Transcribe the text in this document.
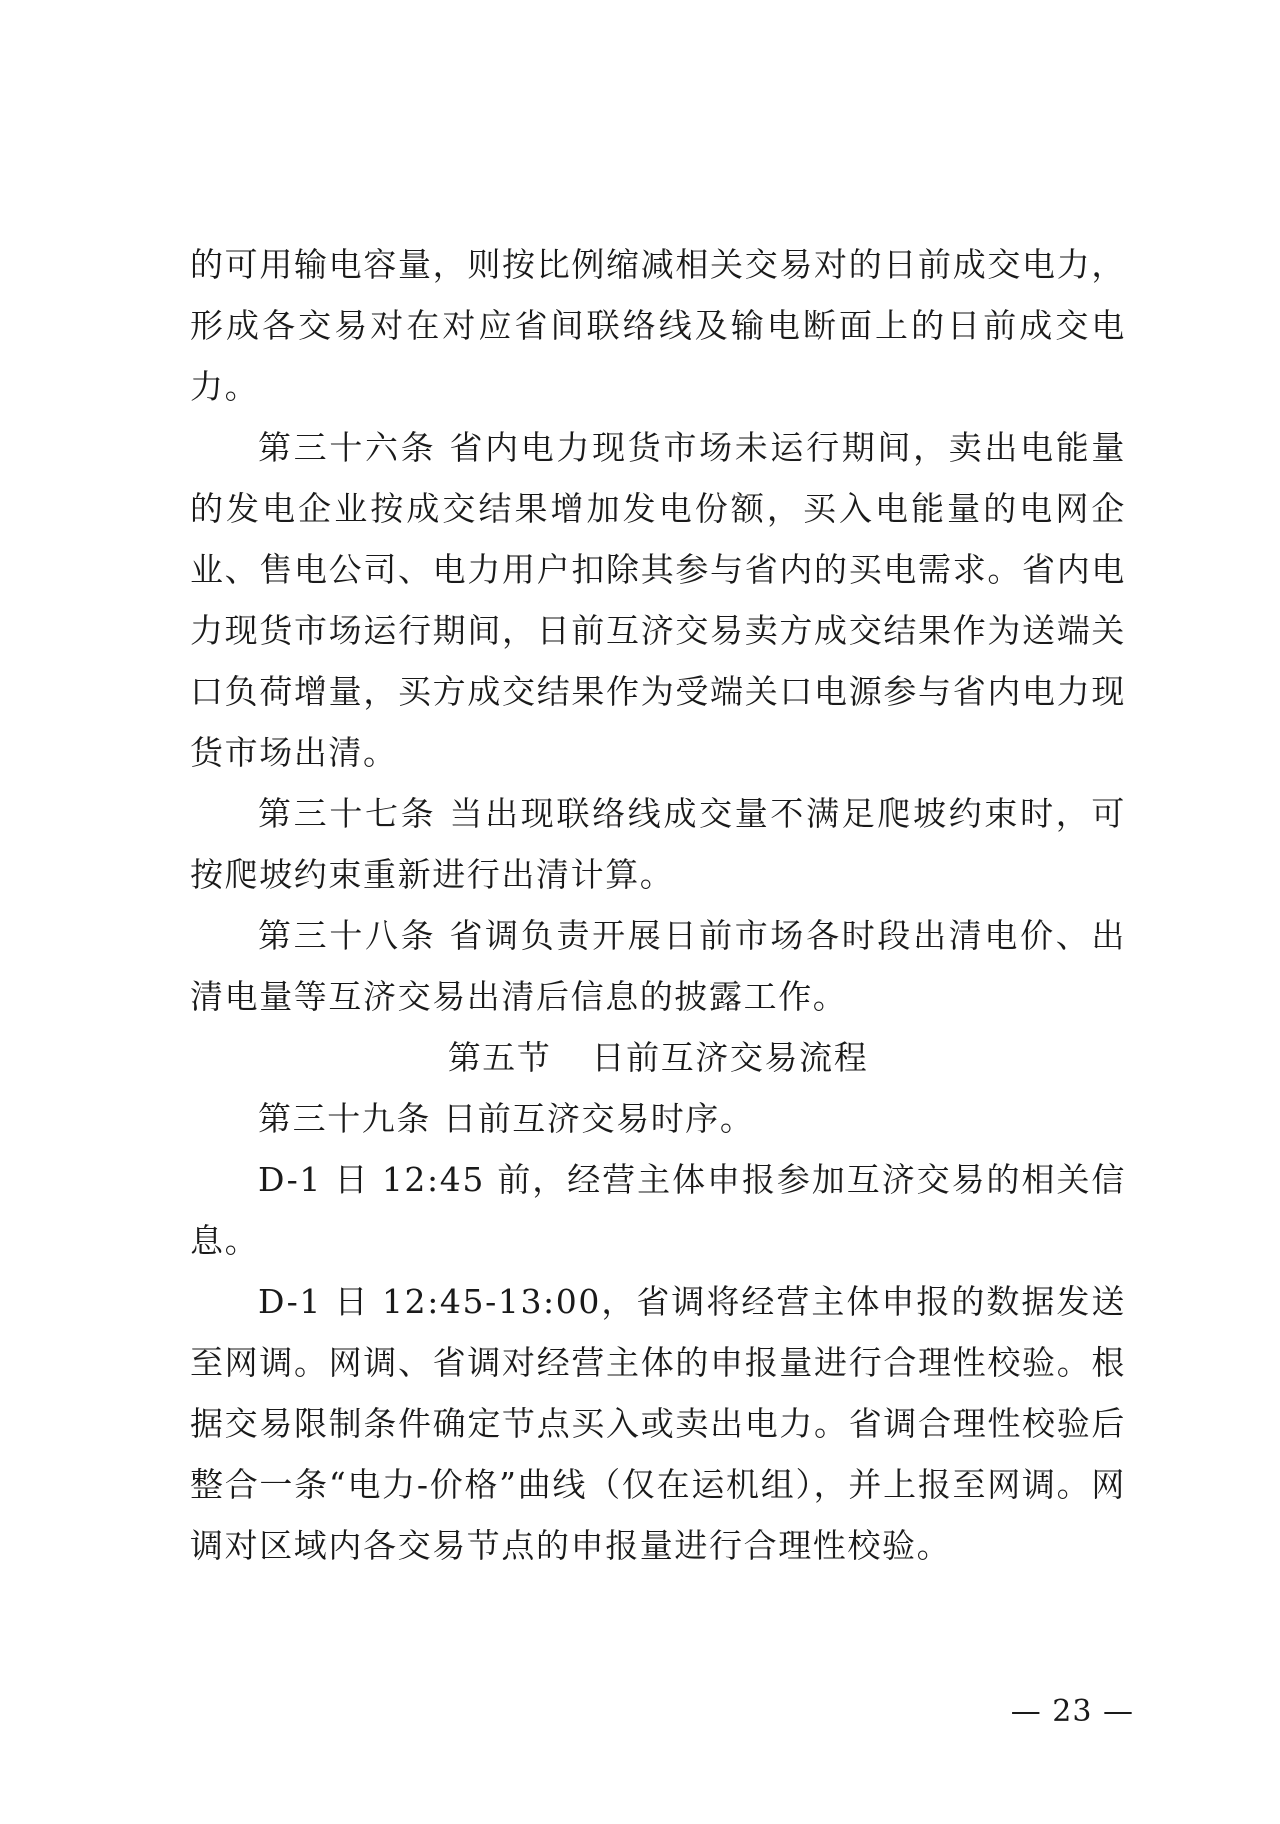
的可用输电容量，则按比例缩减相关交易对的日前成交电力，形成各交易对在对应省间联络线及输电断面上的日前成交电力。

第三十六条 省内电力现货市场未运行期间，卖出电能量的发电企业按成交结果增加发电份额，买入电能量的电网企业、售电公司、电力用户扣除其参与省内的买电需求。省内电力现货市场运行期间，日前互济交易卖方成交结果作为送端关口负荷增量，买方成交结果作为受端关口电源参与省内电力现货市场出清。

第三十七条 当出现联络线成交量不满足爬坡约束时，可按爬坡约束重新进行出清计算。

第三十八条 省调负责开展日前市场各时段出清电价、出清电量等互济交易出清后信息的披露工作。

第五节 日前互济交易流程

第三十九条 日前互济交易时序。

D-1 日 12:45 前，经营主体申报参加互济交易的相关信息。

D-1 日 12:45-13:00，省调将经营主体申报的数据发送至网调。网调、省调对经营主体的申报量进行合理性校验。根据交易限制条件确定节点买入或卖出电力。省调合理性校验后整合一条“电力-价格”曲线（仅在运机组），并上报至网调。网调对区域内各交易节点的申报量进行合理性校验。

— 23 —
